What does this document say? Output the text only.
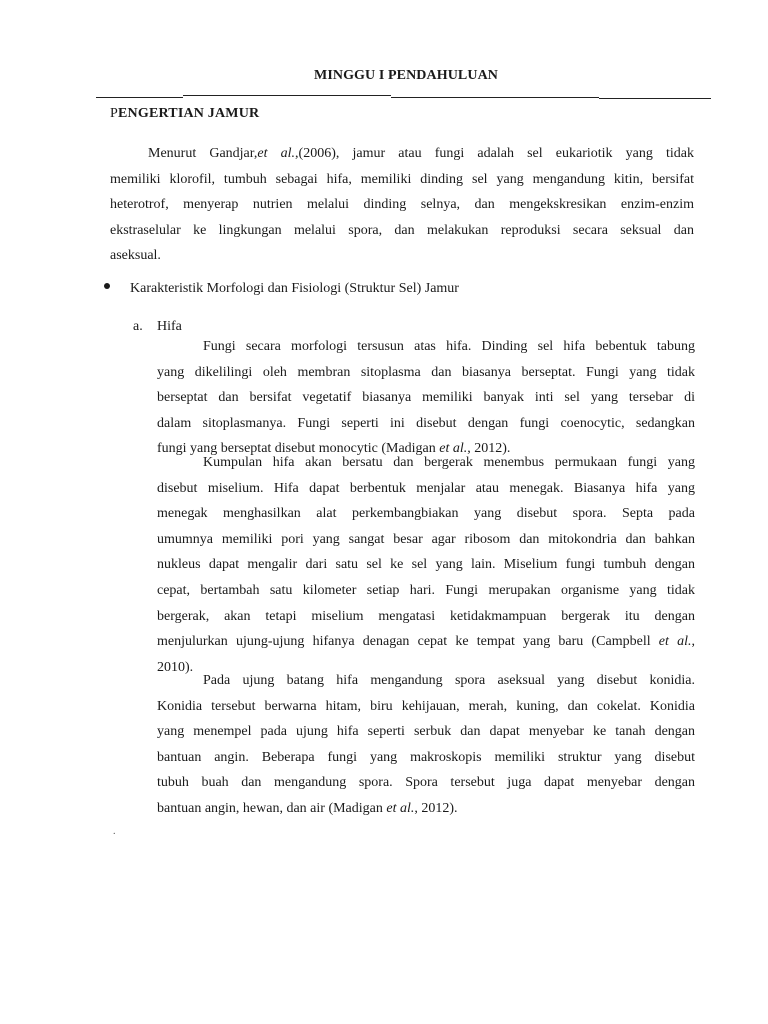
MINGGU I PENDAHULUAN
PENGERTIAN JAMUR

Menurut Gandjar,et al.,(2006), jamur atau fungi adalah sel eukariotik yang tidak

memiliki klorofil, tumbuh sebagai hifa, memiliki dinding sel yang mengandung kitin, bersifat

heterotrof, menyerap nutrien melalui dinding selnya, dan mengekskresikan enzim-enzim

ekstraselular ke lingkungan melalui spora, dan melakukan reproduksi secara seksual dan

aseksual.

Karakteristik Morfologi dan Fisiologi (Struktur Sel) Jamur
a. Hifa

Fungi secara morfologi tersusun atas hifa. Dinding sel hifa bebentuk tabung

yang dikelilingi oleh membran sitoplasma dan biasanya berseptat. Fungi yang tidak

berseptat dan bersifat vegetatif biasanya memiliki banyak inti sel yang tersebar di

dalam sitoplasmanya. Fungi seperti ini disebut dengan fungi coenocytic, sedangkan

fungi yang berseptat disebut monocytic (Madigan et al., 2012).

Kumpulan hifa akan bersatu dan bergerak menembus permukaan fungi yang

disebut miselium. Hifa dapat berbentuk menjalar atau menegak. Biasanya hifa yang

menegak menghasilkan alat perkembangbiakan yang disebut spora. Septa pada

umumnya memiliki pori yang sangat besar agar ribosom dan mitokondria dan bahkan

nukleus dapat mengalir dari satu sel ke sel yang lain. Miselium fungi tumbuh dengan

cepat, bertambah satu kilometer setiap hari. Fungi merupakan organisme yang tidak

bergerak, akan tetapi miselium mengatasi ketidakmampuan bergerak itu dengan

menjulurkan ujung-ujung hifanya denagan cepat ke tempat yang baru (Campbell et al.,

2010).

Pada ujung batang hifa mengandung spora aseksual yang disebut konidia.

Konidia tersebut berwarna hitam, biru kehijauan, merah, kuning, dan cokelat. Konidia

yang menempel pada ujung hifa seperti serbuk dan dapat menyebar ke tanah dengan

bantuan angin. Beberapa fungi yang makroskopis memiliki struktur yang disebut

tubuh buah dan mengandung spora. Spora tersebut juga dapat menyebar dengan

bantuan angin, hewan, dan air (Madigan et al., 2012).

.
